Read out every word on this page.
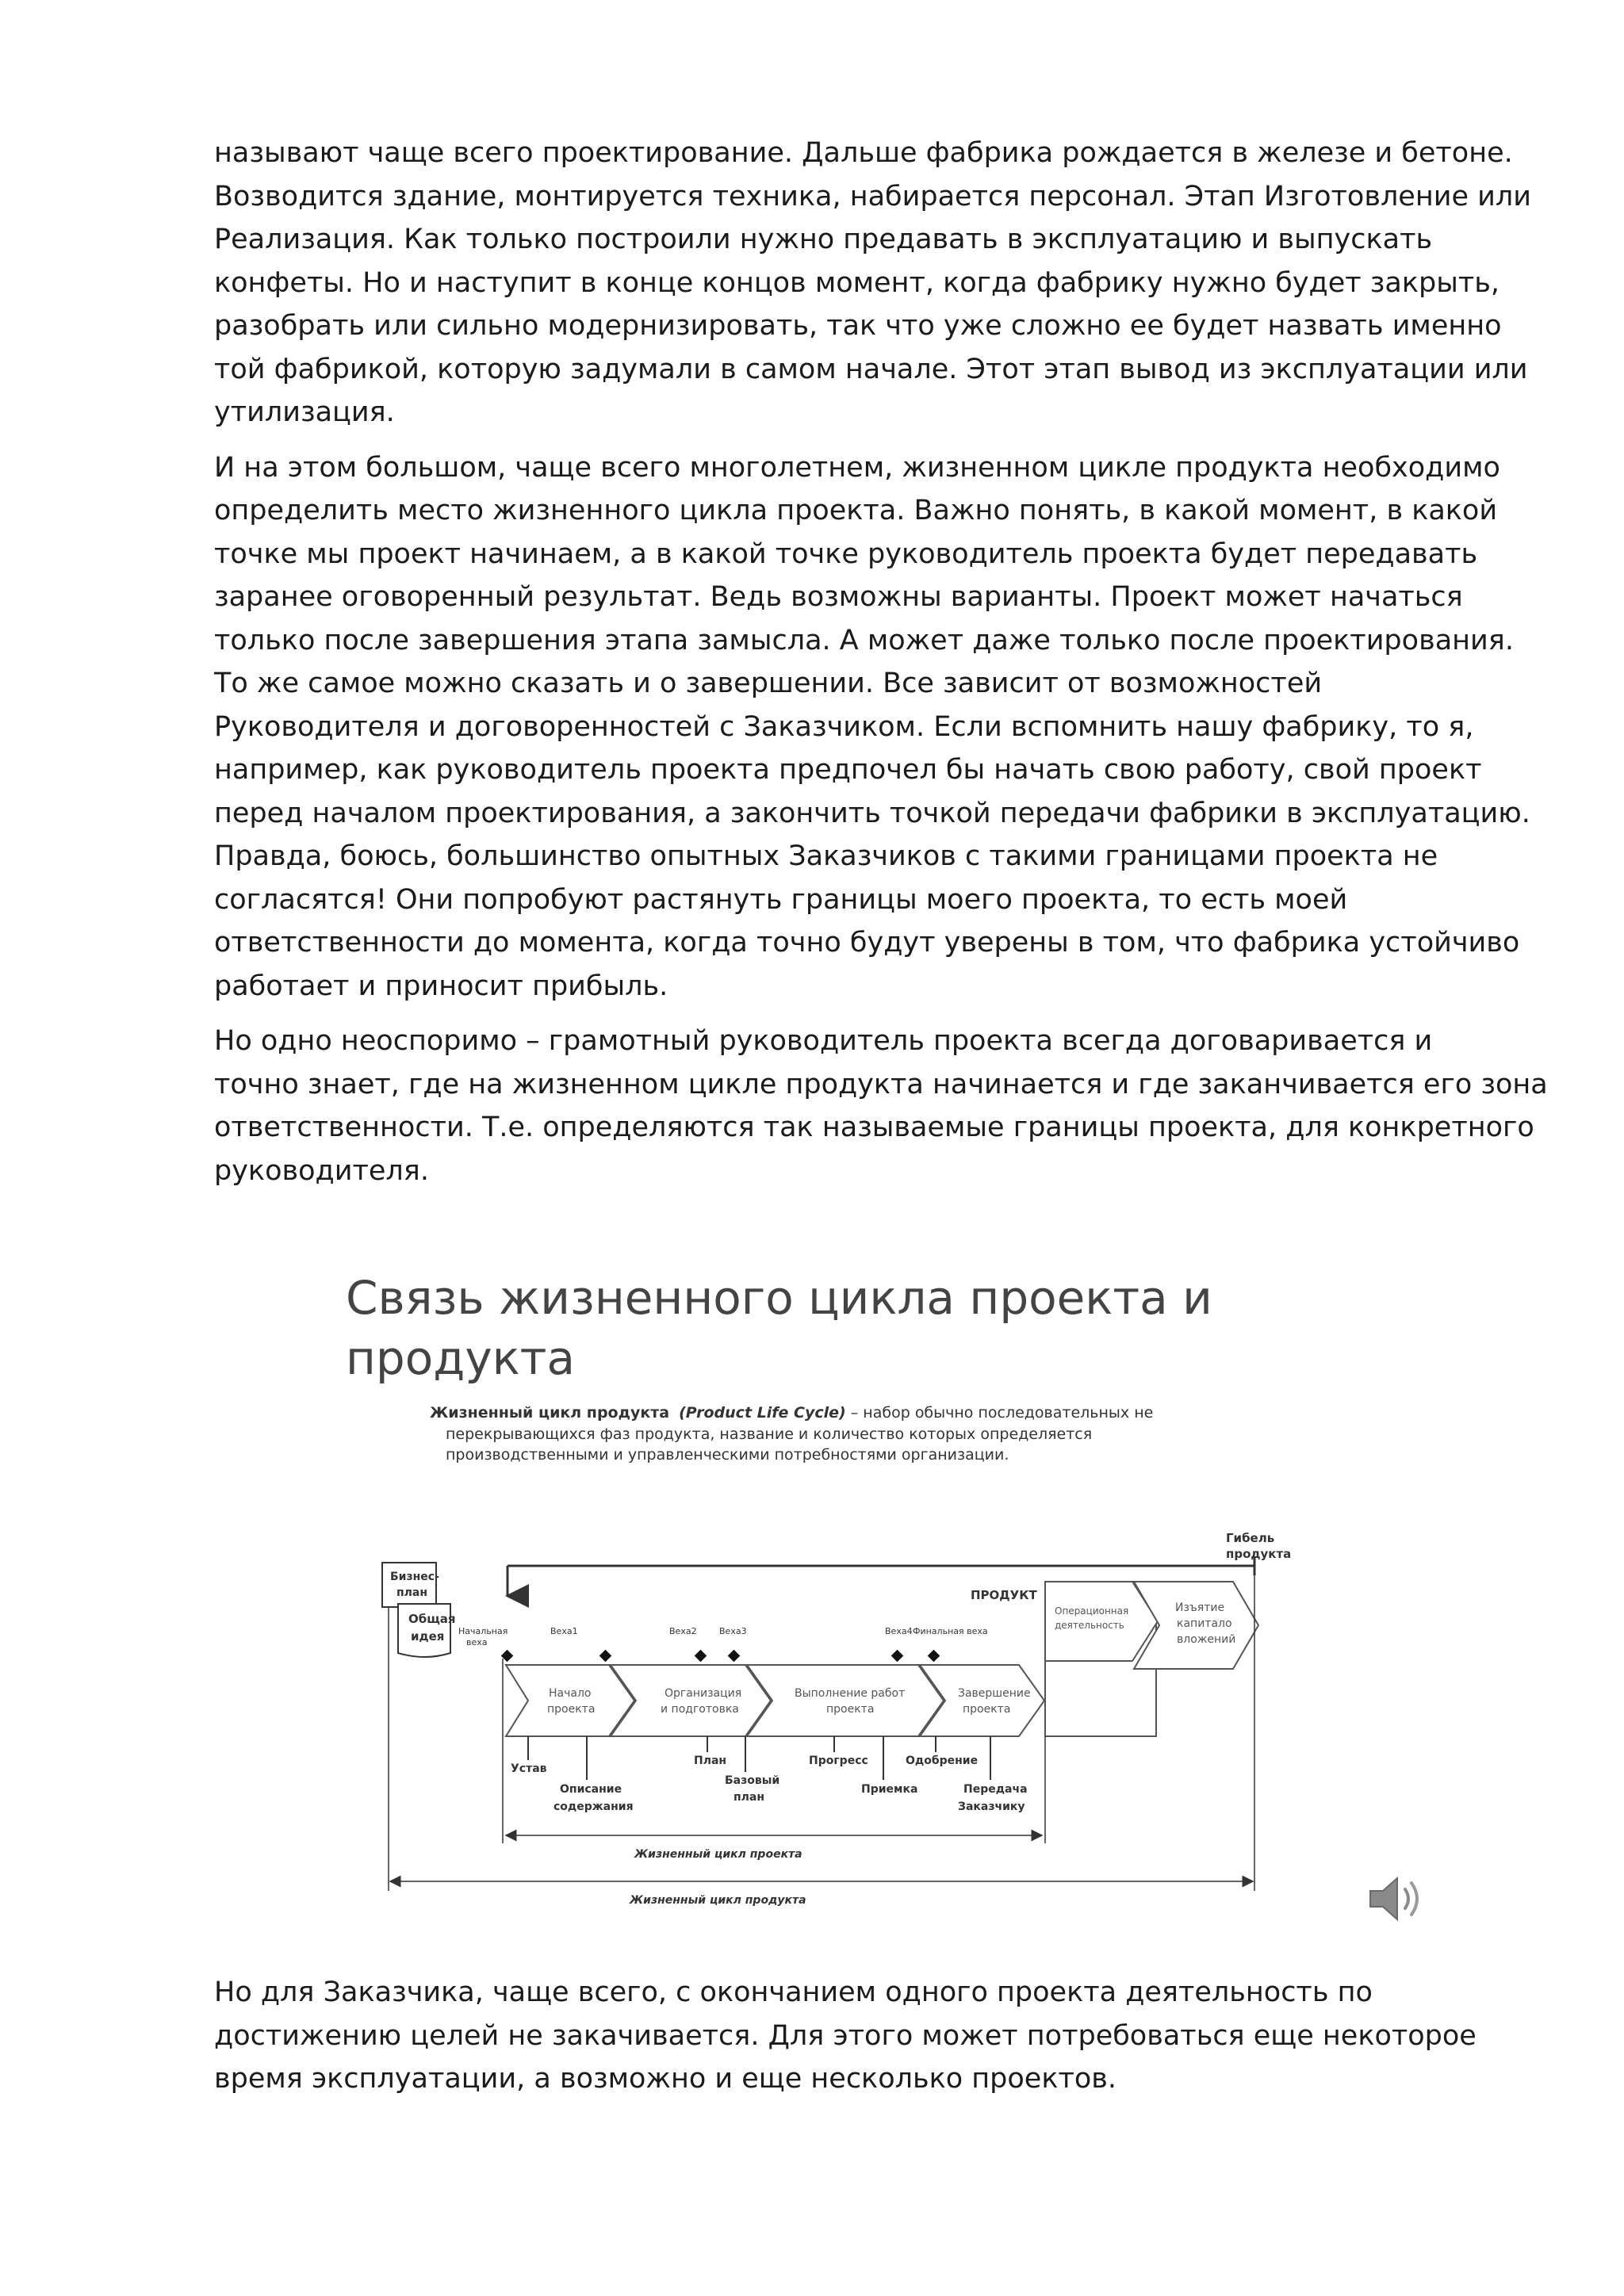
называют чаще всего проектирование. Дальше фабрика рождается в железе и бетоне.
Возводится здание, монтируется техника, набирается персонал. Этап Изготовление или
Реализация. Как только построили нужно предавать в эксплуатацию и выпускать
конфеты. Но и наступит в конце концов момент, когда фабрику нужно будет закрыть,
разобрать или сильно модернизировать, так что уже сложно ее будет назвать именно
той фабрикой, которую задумали в самом начале. Этот этап вывод из эксплуатации или
утилизация.

И на этом большом, чаще всего многолетнем, жизненном цикле продукта необходимо
определить место жизненного цикла проекта. Важно понять, в какой момент, в какой
точке мы проект начинаем, а в какой точке руководитель проекта будет передавать
заранее оговоренный результат. Ведь возможны варианты. Проект может начаться
только после завершения этапа замысла. А может даже только после проектирования.
То же самое можно сказать и о завершении. Все зависит от возможностей
Руководителя и договоренностей с Заказчиком. Если вспомнить нашу фабрику, то я,
например, как руководитель проекта предпочел бы начать свою работу, свой проект
перед началом проектирования, а закончить точкой передачи фабрики в эксплуатацию.
Правда, боюсь, большинство опытных Заказчиков с такими границами проекта не
согласятся! Они попробуют растянуть границы моего проекта, то есть моей
ответственности до момента, когда точно будут уверены в том, что фабрика устойчиво
работает и приносит прибыль.

Но одно неоспоримо – грамотный руководитель проекта всегда договаривается и
точно знает, где на жизненном цикле продукта начинается и где заканчивается его зона
ответственности. Т.е. определяются так называемые границы проекта, для конкретного
руководителя.

Связь жизненного цикла проекта и
продукта
Жизненный цикл продукта (Product Life Cycle) – набор обычно последовательных не
перекрывающихся фаз продукта, название и количество которых определяется
производственными и управленческими потребностями организации.
Гибель
продукта
ПРОДУКТ
Бизнес-
план
Общая
идея Начальная
веха
Веха1	Веха2	Веха3	Веха4 Финальная веха
Начало
проекта
Организация
и подготовка
Выполнение работ
проекта
Завершение
проекта
Операционная
деятельность
Изъятие
капитало
вложений
Устав
Описание
содержания
План
Базовый
план
Прогресс
Приемка
Одобрение
Передача
Заказчику
Жизненный цикл проекта
Жизненный цикл продукта

Но для Заказчика, чаще всего, с окончанием одного проекта деятельность по
достижению целей не закачивается. Для этого может потребоваться еще некоторое
время эксплуатации, а возможно и еще несколько проектов.
